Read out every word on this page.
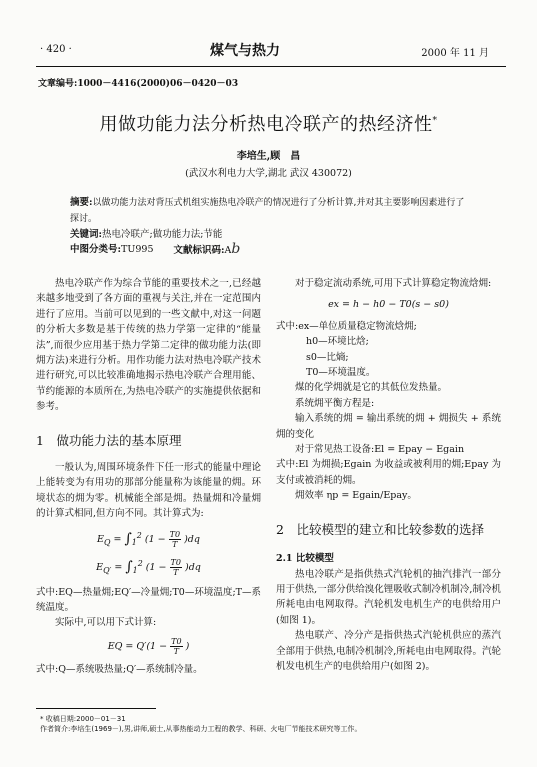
· 420 ·	煤气与热力	2000 年 11 月
文章编号:1000－4416(2000)06－0420－03
用做功能力法分析热电冷联产的热经济性*
李培生,顾　昌
(武汉水利电力大学,湖北 武汉 430072)
摘要:以做功能力法对背压式机组实施热电冷联产的情况进行了分析计算,并对其主要影响因素进行了探讨。
关键词:热电冷联产;做功能力法;节能
中图分类号:TU995 文献标识码:Ab

热电冷联产作为综合节能的重要技术之一,已经越来越多地受到了各方面的重视与关注,并在一定范围内进行了应用。当前可以见到的一些文献中,对这一问题的分析大多数是基于传统的热力学第一定律的“能量法”,而很少应用基于热力学第二定律的做功能力法(即㶲方法)来进行分析。用作功能力法对热电冷联产技术进行研究,可以比较准确地揭示热电冷联产合理用能、节约能源的本质所在,为热电冷联产的实施提供依据和参考。

1　做功能力法的基本原理

一般认为,周围环境条件下任一形式的能量中理论上能转变为有用功的那部分能量称为该能量的㶲。环境状态的㶲为零。机械能全部是㶲。热量㶲和冷量㶲的计算式相同,但方向不同。其计算式为:

$E_Q = \int_1^2$ $(1 - \frac{T0}{T} )dq$
$E_{Q'} = \int_1^2$ $(1 - \frac{T0}{T} )dq$

式中:EQ—热量㶲;EQ′—冷量㶲;T0—环境温度;T—系统温度。

实际中,可以用下式计算:

EQ = $Q'(1 - \frac{T0}{T}$ )

式中:Q—系统吸热量;Q′—系统制冷量。

对于稳定流动系统,可用下式计算稳定物流焓㶲:

ex = h − h0 − T0(s − s0)

式中:ex—单位质量稳定物流焓㶲;

h0—环境比焓;

s0—比熵;

T0—环境温度。

煤的化学㶲就是它的其低位发热量。

系统㶲平衡方程是:

输入系统的㶲 = 输出系统的㶲 + 㶲损失 + 系统㶲的变化

对于常见热工设备:El = Epay − Egain

式中:El 为㶲损;Egain 为收益或被利用的㶲;Epay 为支付或被消耗的㶲。

㶲效率 ηp = Egain/Epay。

2　比较模型的建立和比较参数的选择
2.1 比较模型

热电冷联产是指供热式汽轮机的抽汽排汽一部分用于供热,一部分供给溴化锂吸收式制冷机制冷,制冷机所耗电由电网取得。汽轮机发电机生产的电供给用户(如图 1)。

热电联产、冷分产是指供热式汽轮机供应的蒸汽全部用于供热,电制冷机制冷,所耗电由电网取得。汽轮机发电机生产的电供给用户(如图 2)。

* 收稿日期:2000－01－31
作者简介:李培生(1969－),男,讲师,硕士,从事热能动力工程的教学、科研、火电厂节能技术研究等工作。
